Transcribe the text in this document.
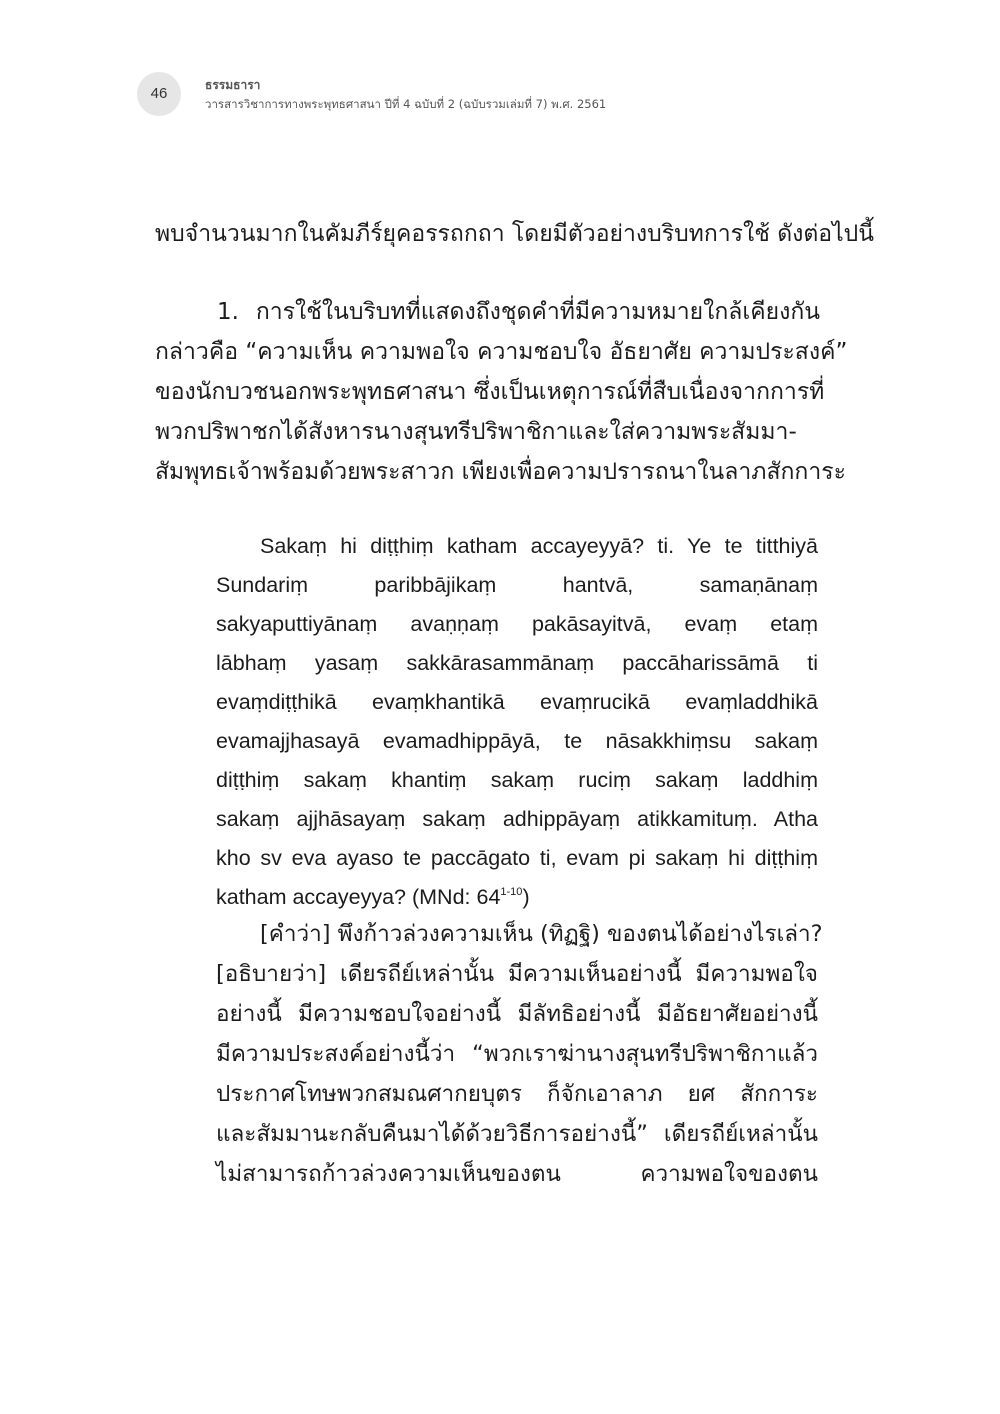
46	ธรรมธารา
วารสารวิชาการทางพระพุทธศาสนา ปีที่ 4 ฉบับที่ 2 (ฉบับรวมเล่มที่ 7) พ.ศ. 2561
พบจำนวนมากในคัมภีร์ยุคอรรถกถา โดยมีตัวอย่างบริบทการใช้ ดังต่อไปนี้
1. การใช้ในบริบทที่แสดงถึงชุดคำที่มีความหมายใกล้เคียงกัน
กล่าวคือ “ความเห็น ความพอใจ ความชอบใจ อัธยาศัย ความประสงค์”
ของนักบวชนอกพระพุทธศาสนา ซึ่งเป็นเหตุการณ์ที่สืบเนื่องจากการที่
พวกปริพาชกได้สังหารนางสุนทรีปริพาชิกาและใส่ความพระสัมมา-
สัมพุทธเจ้าพร้อมด้วยพระสาวก เพียงเพื่อความปรารถนาในลาภสักการะ
Sakaṃ hi diṭṭhiṃ katham accayeyyā? ti. Ye te titthiyā
Sundariṃ paribbājikaṃ hantvā, samaṇānaṃ
sakyaputtiyānaṃ avaṇṇaṃ pakāsayitvā, evaṃ etaṃ
lābhaṃ yasaṃ sakkārasammānaṃ paccāharissāmā ti
evaṃdiṭṭhikā evaṃkhantikā evaṃrucikā evaṃladdhikā
evamajjhasayā evamadhippāyā, te nāsakkhiṃsu sakaṃ
diṭṭhiṃ sakaṃ khantiṃ sakaṃ ruciṃ sakaṃ laddhiṃ
sakaṃ ajjhāsayaṃ sakaṃ adhippāyaṃ atikkamituṃ. Atha
kho sv eva ayaso te paccāgato ti, evam pi sakaṃ hi diṭṭhiṃ
katham accayeyya? (MNd: 64$^{1-10}$)
[คำว่า] พึงก้าวล่วงความเห็น (ทิฏฐิ) ของตนได้อย่างไรเล่า?
[อธิบายว่า] เดียรถีย์เหล่านั้น มีความเห็นอย่างนี้ มีความพอใจ
อย่างนี้ มีความชอบใจอย่างนี้ มีลัทธิอย่างนี้ มีอัธยาศัยอย่างนี้
มีความประสงค์อย่างนี้ว่า “พวกเราฆ่านางสุนทรีปริพาชิกาแล้ว
ประกาศโทษพวกสมณศากยบุตร ก็จักเอาลาภ ยศ สักการะ
และสัมมานะกลับคืนมาได้ด้วยวิธีการอย่างนี้” เดียรถีย์เหล่านั้น
ไม่สามารถก้าวล่วงความเห็นของตน ความพอใจของตน
